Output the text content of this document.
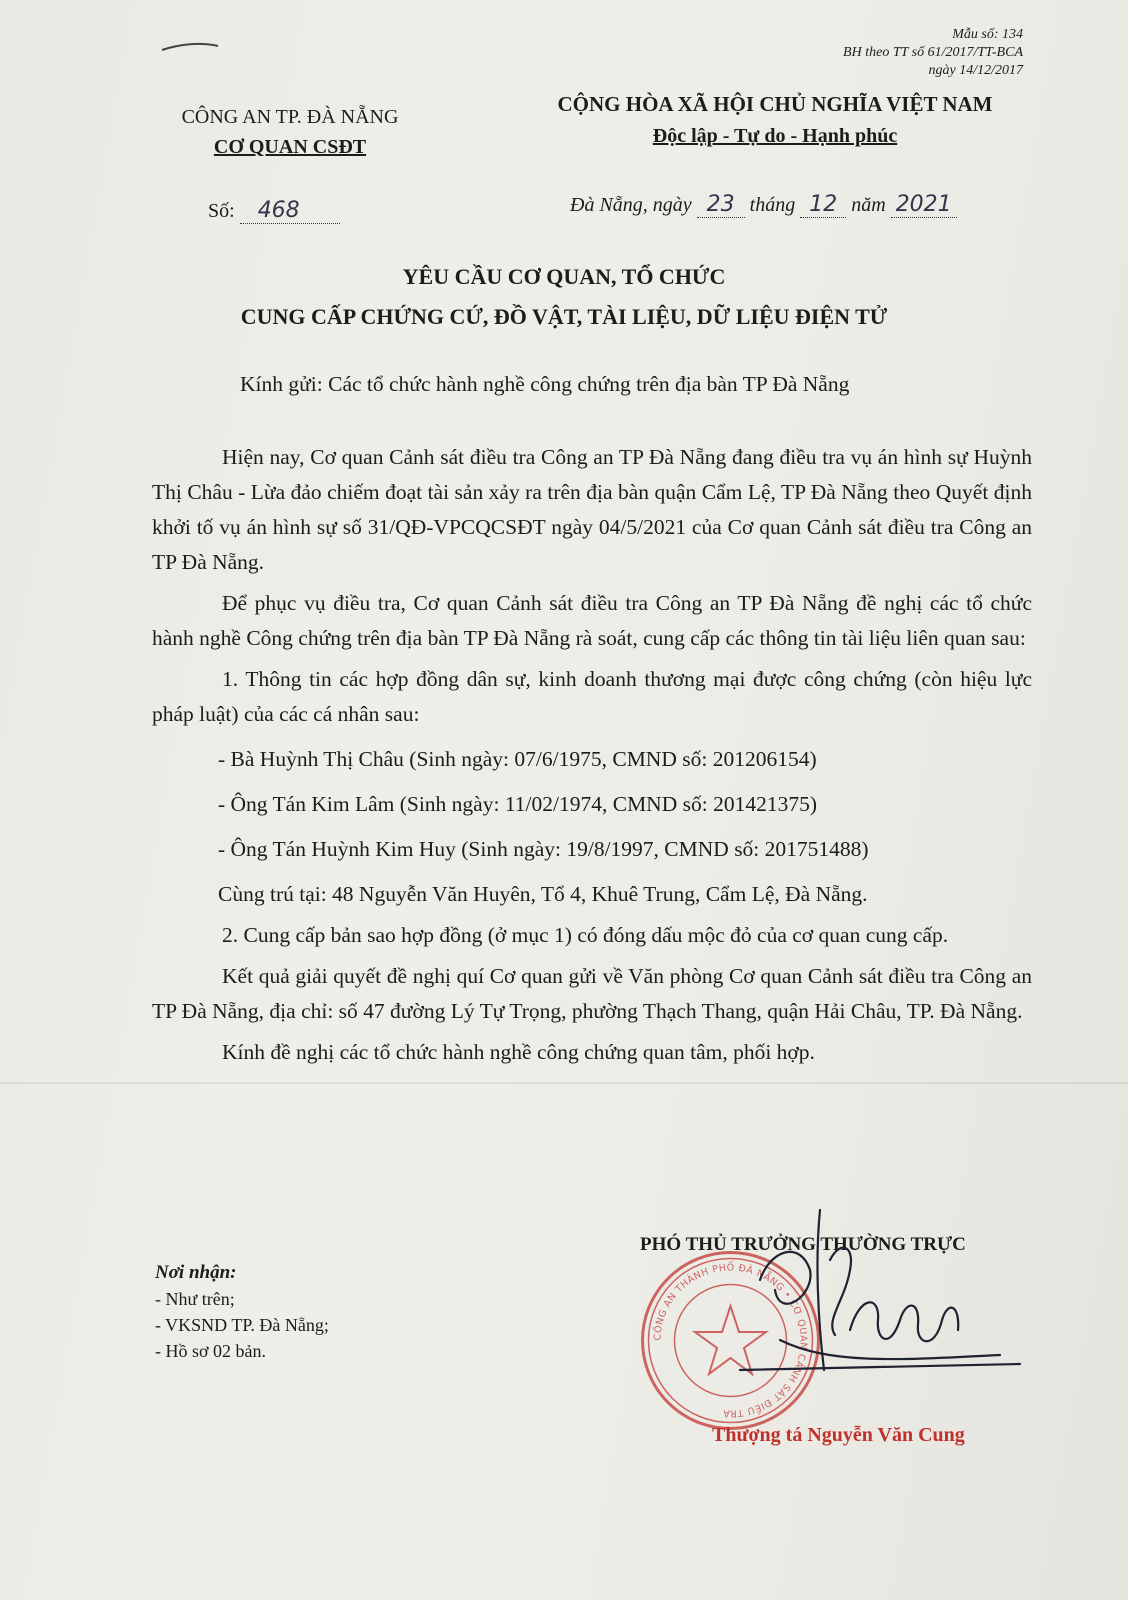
Mẫu số: 134
BH theo TT số 61/2017/TT-BCA
ngày 14/12/2017
CÔNG AN TP. ĐÀ NẴNG
CƠ QUAN CSĐT
CỘNG HÒA XÃ HỘI CHỦ NGHĨA VIỆT NAM
Độc lập - Tự do - Hạnh phúc
Số: 468	Đà Nẵng, ngày 23 tháng 12 năm 2021
YÊU CẦU CƠ QUAN, TỔ CHỨC
CUNG CẤP CHỨNG CỨ, ĐỒ VẬT, TÀI LIỆU, DỮ LIỆU ĐIỆN TỬ
Kính gửi: Các tổ chức hành nghề công chứng trên địa bàn TP Đà Nẵng
Hiện nay, Cơ quan Cảnh sát điều tra Công an TP Đà Nẵng đang điều tra vụ án hình sự Huỳnh Thị Châu - Lừa đảo chiếm đoạt tài sản xảy ra trên địa bàn quận Cẩm Lệ, TP Đà Nẵng theo Quyết định khởi tố vụ án hình sự số 31/QĐ-VPCQCSĐT ngày 04/5/2021 của Cơ quan Cảnh sát điều tra Công an TP Đà Nẵng.
Để phục vụ điều tra, Cơ quan Cảnh sát điều tra Công an TP Đà Nẵng đề nghị các tổ chức hành nghề Công chứng trên địa bàn TP Đà Nẵng rà soát, cung cấp các thông tin tài liệu liên quan sau:
1. Thông tin các hợp đồng dân sự, kinh doanh thương mại được công chứng (còn hiệu lực pháp luật) của các cá nhân sau:
- Bà Huỳnh Thị Châu (Sinh ngày: 07/6/1975, CMND số: 201206154)
- Ông Tán Kim Lâm (Sinh ngày: 11/02/1974, CMND số: 201421375)
- Ông Tán Huỳnh Kim Huy (Sinh ngày: 19/8/1997, CMND số: 201751488)
Cùng trú tại: 48 Nguyễn Văn Huyên, Tổ 4, Khuê Trung, Cẩm Lệ, Đà Nẵng.
2. Cung cấp bản sao hợp đồng (ở mục 1) có đóng dấu mộc đỏ của cơ quan cung cấp.
Kết quả giải quyết đề nghị quí Cơ quan gửi về Văn phòng Cơ quan Cảnh sát điều tra Công an TP Đà Nẵng, địa chỉ: số 47 đường Lý Tự Trọng, phường Thạch Thang, quận Hải Châu, TP. Đà Nẵng.
Kính đề nghị các tổ chức hành nghề công chứng quan tâm, phối hợp.
Nơi nhận:
- Như trên;
- VKSND TP. Đà Nẵng;
- Hồ sơ 02 bản.
PHÓ THỦ TRƯỞNG THƯỜNG TRỰC
CÔNG AN THÀNH PHỐ ĐÀ NẴNG • CƠ QUAN CẢNH SÁT ĐIỀU TRA
Thượng tá Nguyễn Văn Cung
